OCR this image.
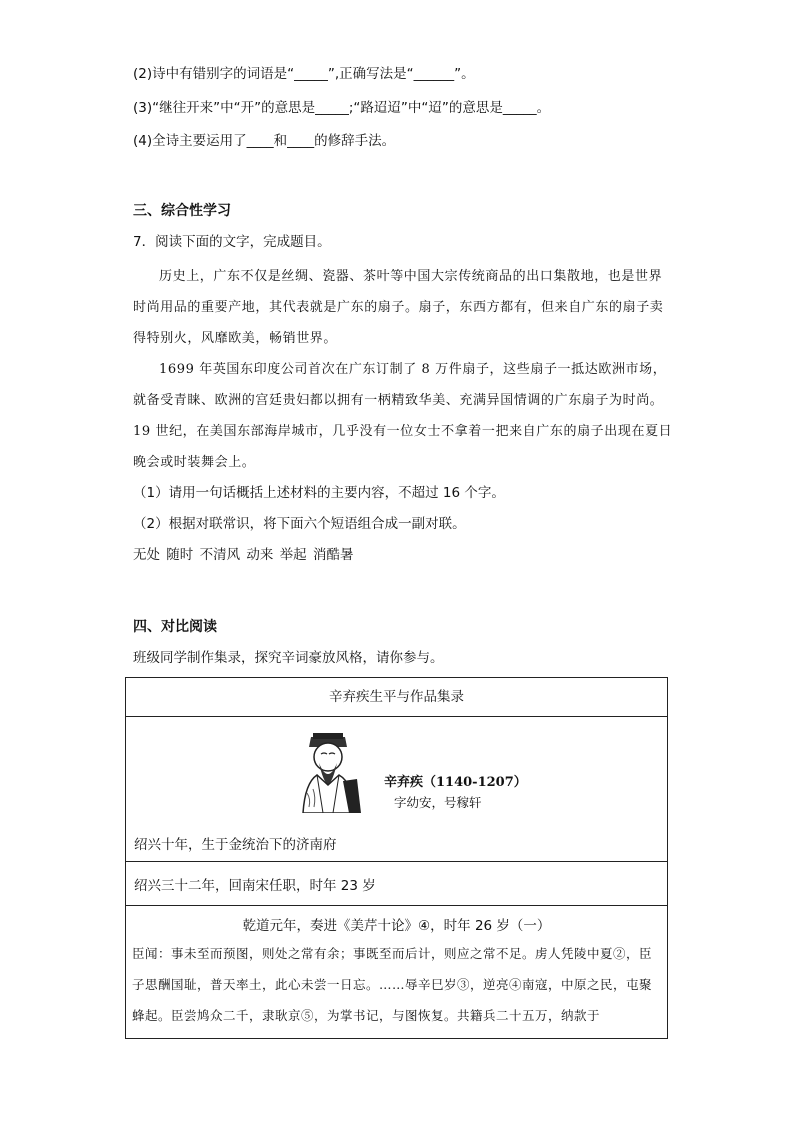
(2)诗中有错别字的词语是“_____”,正确写法是“______”。
(3)“继往开来”中“开”的意思是_____;“路迢迢”中“迢”的意思是_____。
(4)全诗主要运用了____和____的修辞手法。
三、综合性学习
7．阅读下面的文字，完成题目。

历史上，广东不仅是丝绸、瓷器、茶叶等中国大宗传统商品的出口集散地，也是世界时尚用品的重要产地，其代表就是广东的扇子。扇子，东西方都有，但来自广东的扇子卖得特别火，风靡欧美，畅销世界。

1699 年英国东印度公司首次在广东订制了 8 万件扇子，这些扇子一抵达欧洲市场，就备受青睐、欧洲的宫廷贵妇都以拥有一柄精致华美、充满异国情调的广东扇子为时尚。19 世纪，在美国东部海岸城市，几乎没有一位女士不拿着一把来自广东的扇子出现在夏日晚会或时装舞会上。

（1）请用一句话概括上述材料的主要内容，不超过 16 个字。
（2）根据对联常识，将下面六个短语组合成一副对联。
无处 随时 不清风 动来 举起 消酷暑
四、对比阅读
班级同学制作集录，探究辛词豪放风格，请你参与。
辛弃疾生平与作品集录
辛弃疾（1140-1207）
字幼安，号稼轩
绍兴十年，生于金统治下的济南府
绍兴三十二年，回南宋任职，时年 23 岁
乾道元年，奏进《美芹十论》④，时年 26 岁（一）
臣闻：事未至而预图，则处之常有余；事既至而后计，则应之常不足。虏人凭陵中夏②，臣子思酬国耻，普天率土，此心未尝一日忘。……辱辛巳岁③，逆亮④南寇，中原之民，屯聚蜂起。臣尝鸠众二千，隶耿京⑤，为掌书记，与图恢复。共籍兵二十五万，纳款于
